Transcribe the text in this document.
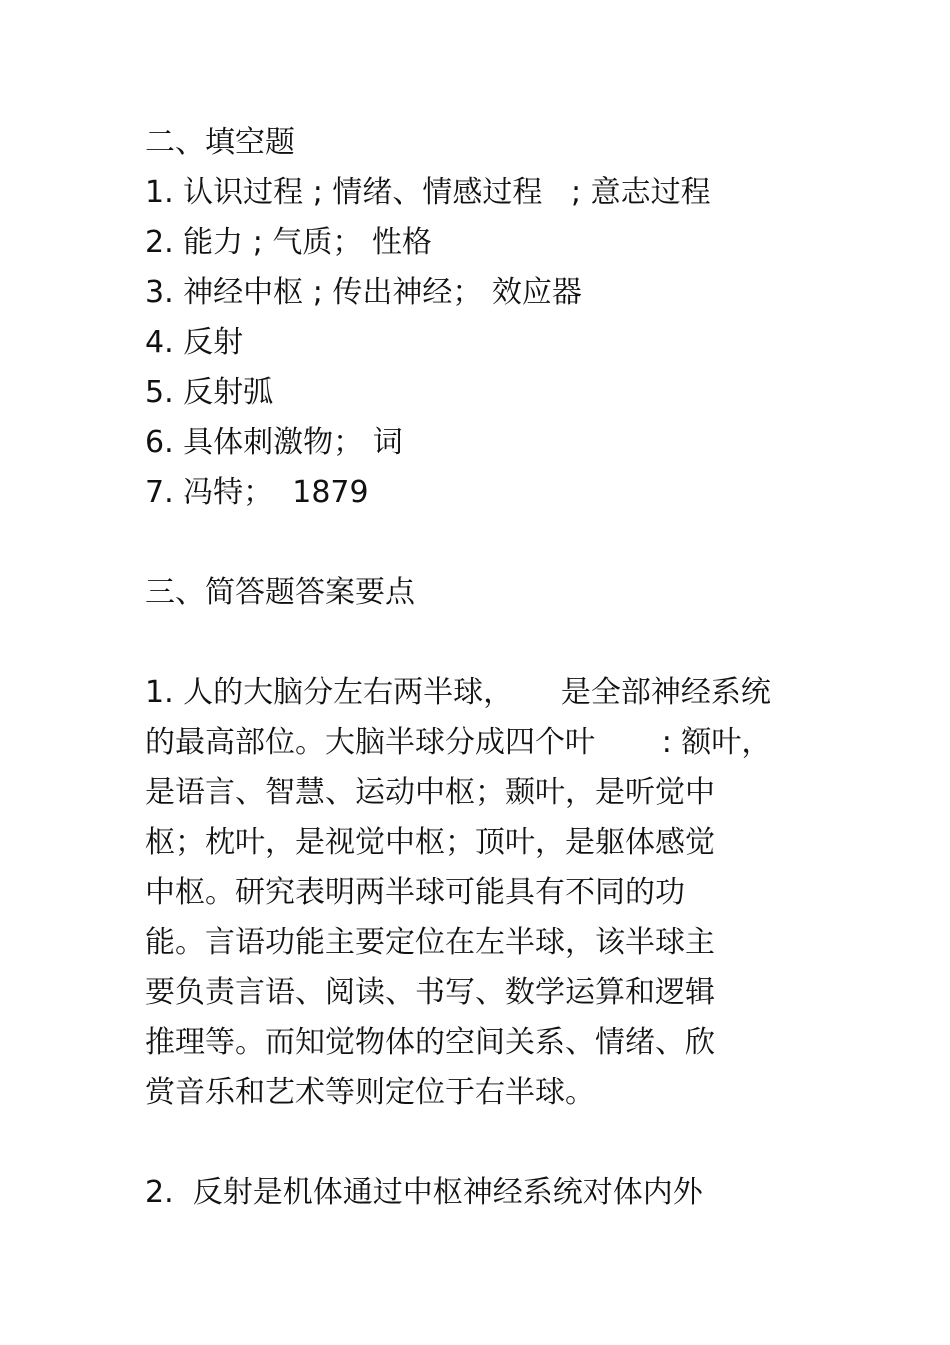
二、填空题
1. 认识过程 ; 情绪、情感过程   ; 意志过程
2. 能力 ; 气质； 性格
3. 神经中枢 ; 传出神经； 效应器
4. 反射
5. 反射弧
6. 具体刺激物； 词
7. 冯特；  1879
三、简答题答案要点
1. 人的大脑分左右两半球，     是全部神经系统
的最高部位。大脑半球分成四个叶       : 额叶，
是语言、智慧、运动中枢；颞叶，是听觉中
枢；枕叶，是视觉中枢；顶叶，是躯体感觉
中枢。研究表明两半球可能具有不同的功
能。言语功能主要定位在左半球，该半球主
要负责言语、阅读、书写、数学运算和逻辑
推理等。而知觉物体的空间关系、情绪、欣
赏音乐和艺术等则定位于右半球。
2.  反射是机体通过中枢神经系统对体内外
